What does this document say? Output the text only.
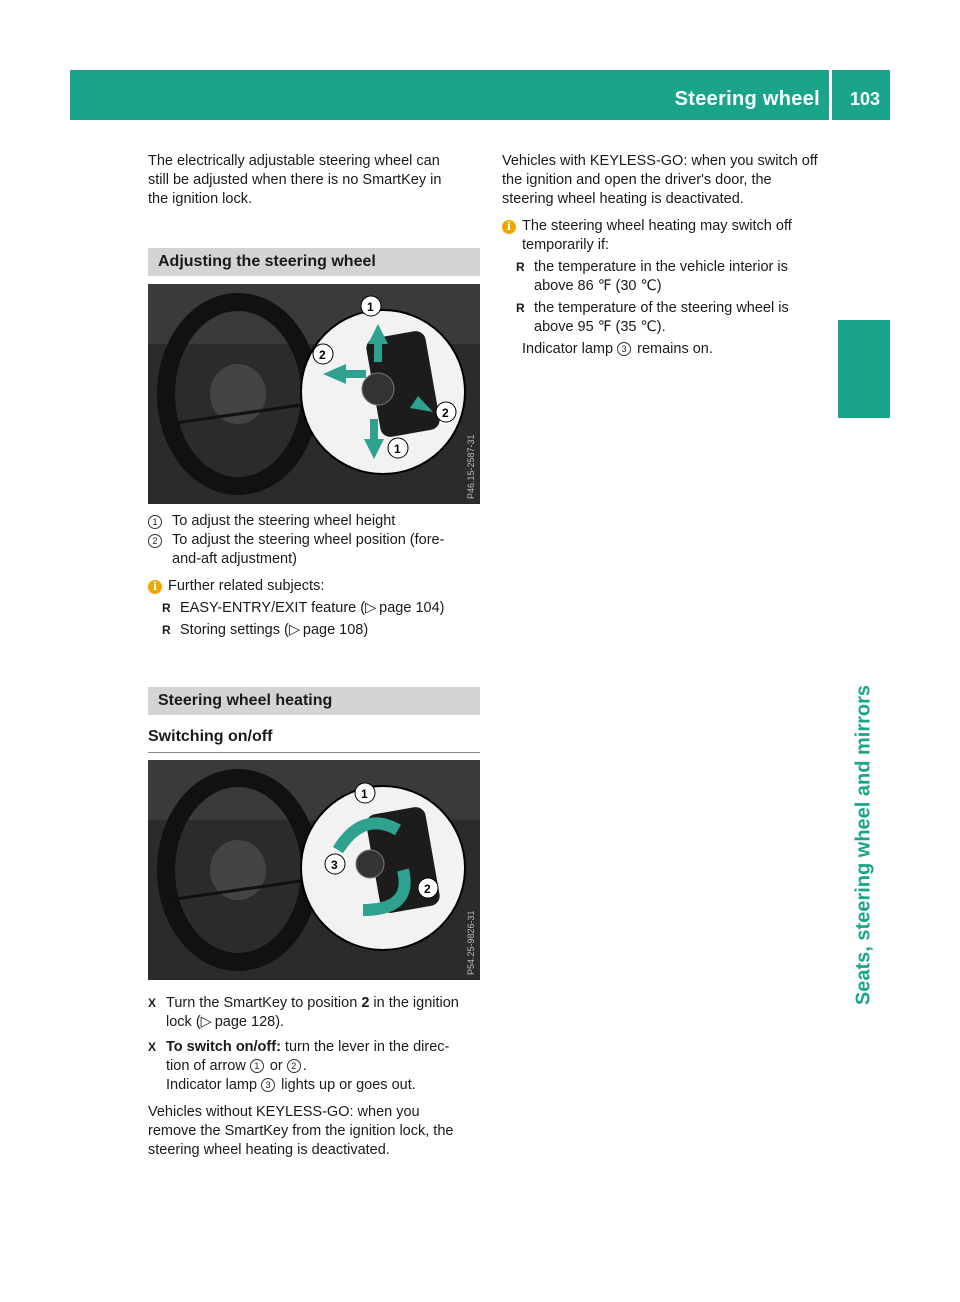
Steering wheel 103
Seats, steering wheel and mirrors

The electrically adjustable steering wheel can

still be adjusted when there is no SmartKey in

the ignition lock.

Adjusting the steering wheel
1
2
2
1	P46.15-2587-31
1	To adjust the steering wheel height
2	To adjust the steering wheel position (fore-
and-aft adjustment)
i Further related subjects:
R EASY-ENTRY/EXIT feature (▷  page 104)
R Storing settings (▷  page 108)
Steering wheel heating
Switching on/off
1
3
2
P54.25-9826-31
X Turn the SmartKey to position 2 in the ignition
lock (▷  page 128).
X To switch on/off: turn the lever in the direc-
tion of arrow 1 or 2 .
Indicator lamp 3 lights up or goes out.

Vehicles without KEYLESS-GO: when you

remove the SmartKey from the ignition lock, the

steering wheel heating is deactivated.

Vehicles with KEYLESS-GO: when you switch off

the ignition and open the driver's door, the

steering wheel heating is deactivated.

i The steering wheel heating may switch off
temporarily if:
R the temperature in the vehicle interior is
above 86 ℉ (30 ℃)
R the temperature of the steering wheel is
above 95 ℉ (35 ℃).
Indicator lamp 3 remains on.
